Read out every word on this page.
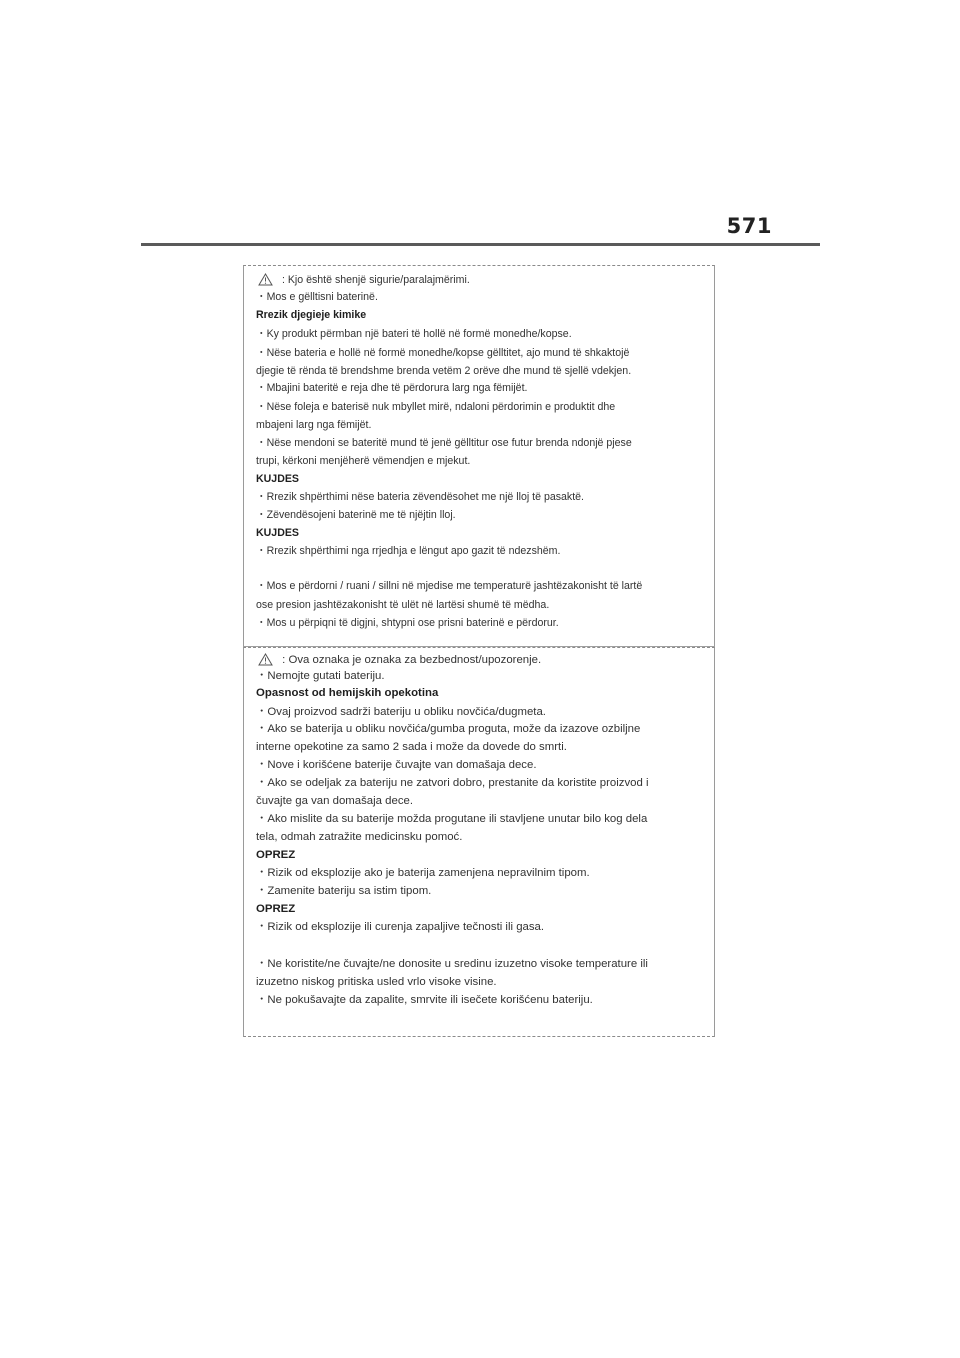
571
: Kjo është shenjë sigurie/paralajmërimi.
・Mos e gëlltisni baterinë.
Rrezik djegieje kimike
・Ky produkt përmban një bateri të hollë në formë monedhe/kopse.
・Nëse bateria e hollë në formë monedhe/kopse gëlltitet, ajo mund të shkaktojë
djegie të rënda të brendshme brenda vetëm 2 orëve dhe mund të sjellë vdekjen.
・Mbajini bateritë e reja dhe të përdorura larg nga fëmijët.
・Nëse foleja e baterisë nuk mbyllet mirë, ndaloni përdorimin e produktit dhe
mbajeni larg nga fëmijët.
・Nëse mendoni se bateritë mund të jenë gëlltitur ose futur brenda ndonjë pjese
trupi, kërkoni menjëherë vëmendjen e mjekut.
KUJDES
・Rrezik shpërthimi nëse bateria zëvendësohet me një lloj të pasaktë.
・Zëvendësojeni baterinë me të njëjtin lloj.
KUJDES
・Rrezik shpërthimi nga rrjedhja e lëngut apo gazit të ndezshëm.
・Mos e përdorni / ruani / sillni në mjedise me temperaturë jashtëzakonisht të lartë
ose presion jashtëzakonisht të ulët në lartësi shumë të mëdha.
・Mos u përpiqni të digjni, shtypni ose prisni baterinë e përdorur.
: Ova oznaka je oznaka za bezbednost/upozorenje.
・Nemojte gutati bateriju.
Opasnost od hemijskih opekotina
・Ovaj proizvod sadrži bateriju u obliku novčića/dugmeta.
・Ako se baterija u obliku novčića/gumba proguta, može da izazove ozbiljne
interne opekotine za samo 2 sada i može da dovede do smrti.
・Nove i korišćene baterije čuvajte van domašaja dece.
・Ako se odeljak za bateriju ne zatvori dobro, prestanite da koristite proizvod i
čuvajte ga van domašaja dece.
・Ako mislite da su baterije možda progutane ili stavljene unutar bilo kog dela
tela, odmah zatražite medicinsku pomoć.
OPREZ
・Rizik od eksplozije ako je baterija zamenjena nepravilnim tipom.
・Zamenite bateriju sa istim tipom.
OPREZ
・Rizik od eksplozije ili curenja zapaljive tečnosti ili gasa.
・Ne koristite/ne čuvajte/ne donosite u sredinu izuzetno visoke temperature ili
izuzetno niskog pritiska usled vrlo visoke visine.
・Ne pokušavajte da zapalite, smrvite ili isečete korišćenu bateriju.
